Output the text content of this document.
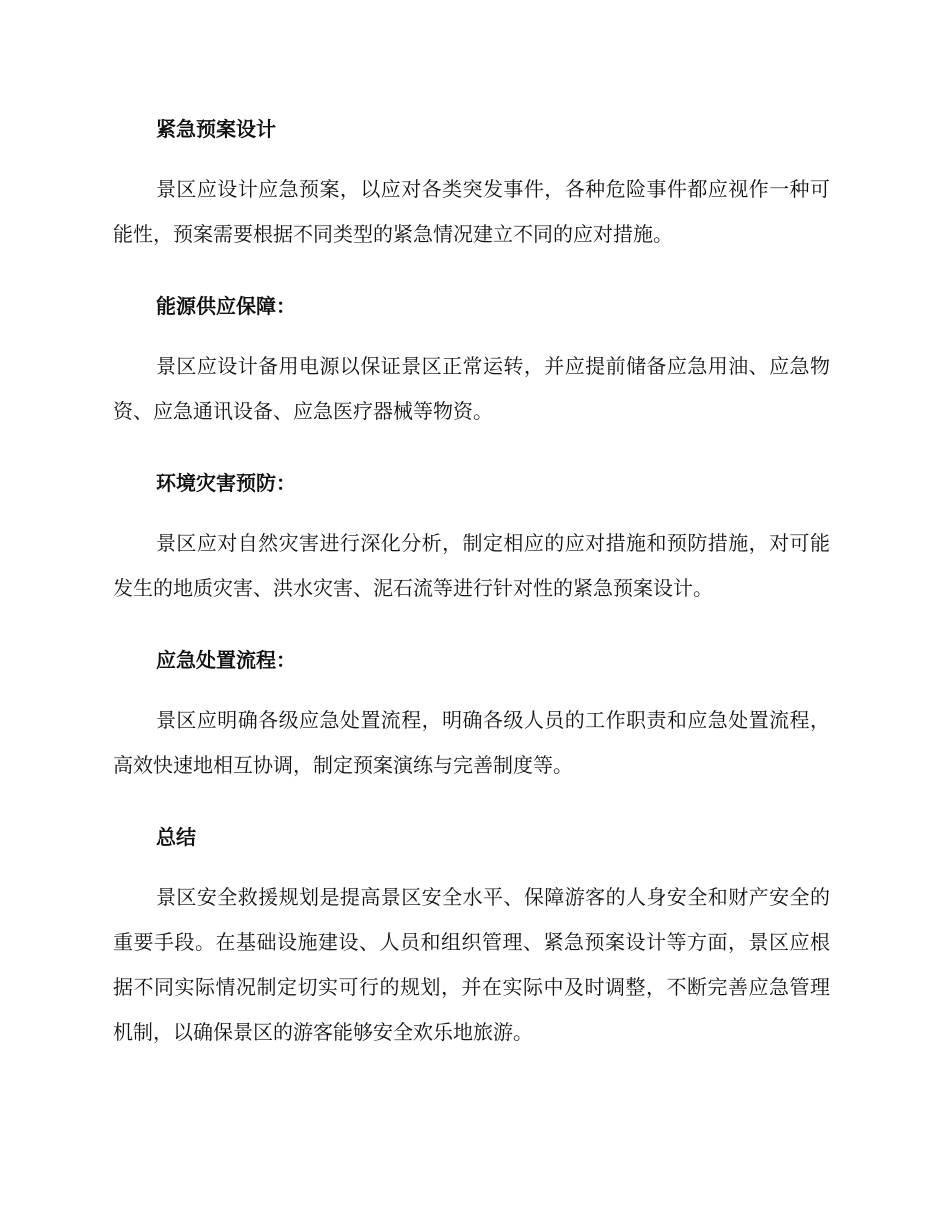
紧急预案设计

景区应设计应急预案，以应对各类突发事件，各种危险事件都应视作一种可能性，预案需要根据不同类型的紧急情况建立不同的应对措施。

能源供应保障：

景区应设计备用电源以保证景区正常运转，并应提前储备应急用油、应急物资、应急通讯设备、应急医疗器械等物资。

环境灾害预防：

景区应对自然灾害进行深化分析，制定相应的应对措施和预防措施，对可能发生的地质灾害、洪水灾害、泥石流等进行针对性的紧急预案设计。

应急处置流程：

景区应明确各级应急处置流程，明确各级人员的工作职责和应急处置流程，高效快速地相互协调，制定预案演练与完善制度等。

总结

景区安全救援规划是提高景区安全水平、保障游客的人身安全和财产安全的重要手段。在基础设施建设、人员和组织管理、紧急预案设计等方面，景区应根据不同实际情况制定切实可行的规划，并在实际中及时调整，不断完善应急管理机制，以确保景区的游客能够安全欢乐地旅游。
